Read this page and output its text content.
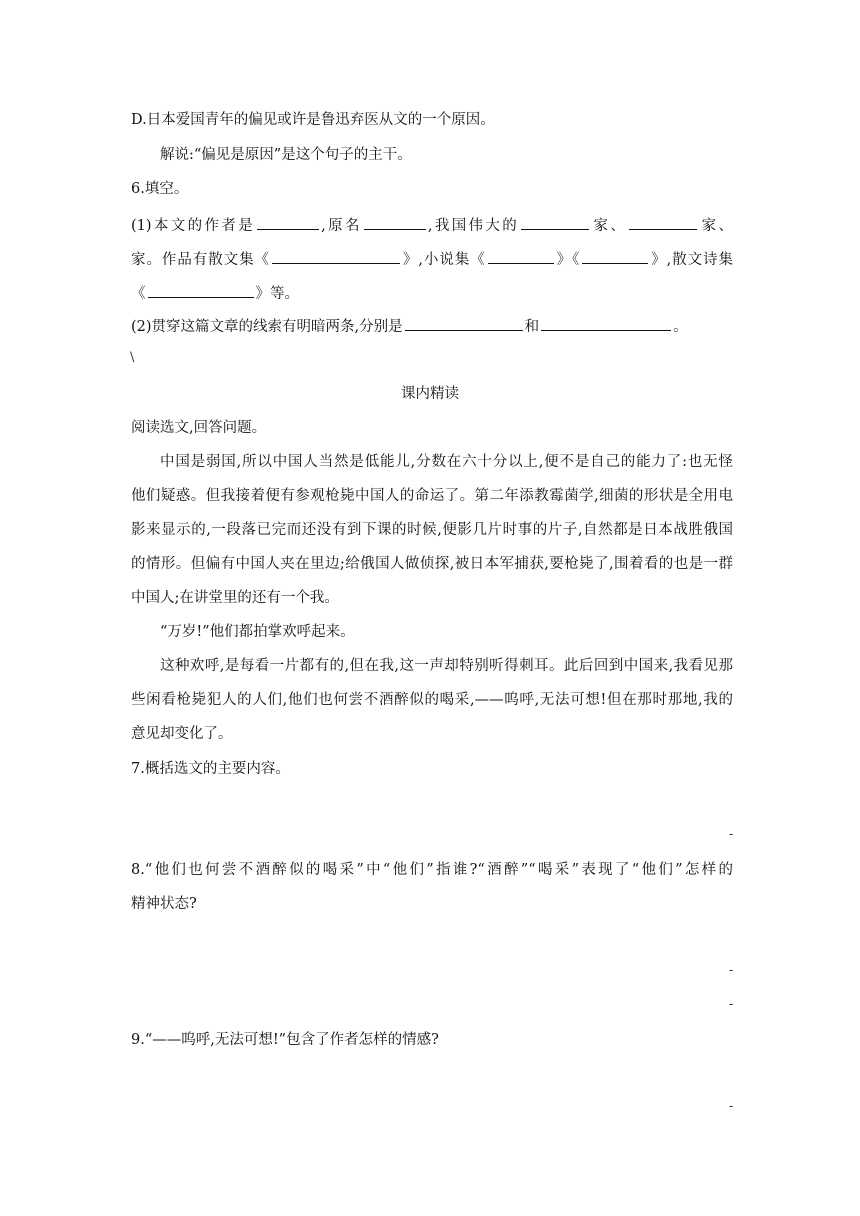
D.日本爱国青年的偏见或许是鲁迅弃医从文的一个原因。
解说:“偏见是原因”是这个句子的主干。
6.填空。
(1)本文的作者是	,原名	,我国伟大的	家、	家、
家。作品有散文集《	》,小说集《	》《	》,散文诗集
《	》等。
(2)贯穿这篇文章的线索有明暗两条,分别是	和	。
\
课内精读
阅读选文,回答问题。
中国是弱国,所以中国人当然是低能儿,分数在六十分以上,便不是自己的能力了:也无怪
他们疑惑。但我接着便有参观枪毙中国人的命运了。第二年添教霉菌学,细菌的形状是全用电
影来显示的,一段落已完而还没有到下课的时候,便影几片时事的片子,自然都是日本战胜俄国
的情形。但偏有中国人夹在里边;给俄国人做侦探,被日本军捕获,要枪毙了,围着看的也是一群
中国人;在讲堂里的还有一个我。
“万岁!”他们都拍掌欢呼起来。
这种欢呼,是每看一片都有的,但在我,这一声却特别听得刺耳。此后回到中国来,我看见那
些闲看枪毙犯人的人们,他们也何尝不酒醉似的喝采,——呜呼,无法可想!但在那时那地,我的
意见却变化了。
7.概括选文的主要内容。
-
8.“他们也何尝不酒醉似的喝采”中“他们”指谁?“酒醉”“喝采”表现了“他们”怎样的
精神状态?
-
-
9.“——呜呼,无法可想!”包含了作者怎样的情感?
-
